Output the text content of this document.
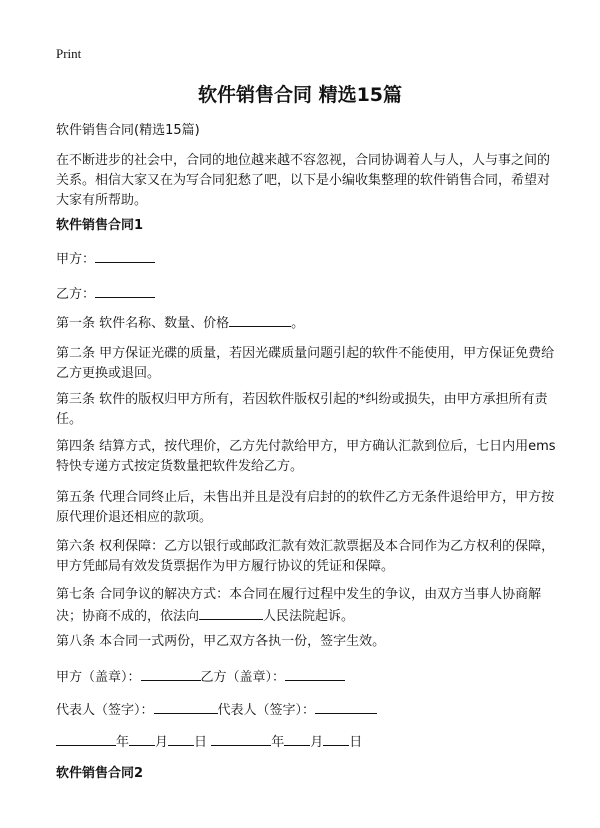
Print
软件销售合同 精选15篇

软件销售合同(精选15篇)

在不断进步的社会中，合同的地位越来越不容忽视，合同协调着人与人，人与事之间的关系。相信大家又在为写合同犯愁了吧，以下是小编收集整理的软件销售合同，希望对大家有所帮助。

软件销售合同1

甲方：

乙方：

第一条 软件名称、数量、价格	。

第二条 甲方保证光碟的质量，若因光碟质量问题引起的软件不能使用，甲方保证免费给乙方更换或退回。

第三条 软件的版权归甲方所有，若因软件版权引起的*纠纷或损失，由甲方承担所有责任。

第四条 结算方式，按代理价，乙方先付款给甲方，甲方确认汇款到位后，七日内用ems特快专递方式按定货数量把软件发给乙方。

第五条 代理合同终止后，未售出并且是没有启封的的软件乙方无条件退给甲方，甲方按原代理价退还相应的款项。

第六条 权利保障：乙方以银行或邮政汇款有效汇款票据及本合同作为乙方权利的保障，甲方凭邮局有效发货票据作为甲方履行协议的凭证和保障。

第七条 合同争议的解决方式：本合同在履行过程中发生的争议，由双方当事人协商解决；协商不成的，依法向	人民法院起诉。

第八条 本合同一式两份，甲乙双方各执一份，签字生效。

甲方（盖章）：	乙方（盖章）：

代表人（签字）：	代表人（签字）：

年 月 日	年 月 日

软件销售合同2
